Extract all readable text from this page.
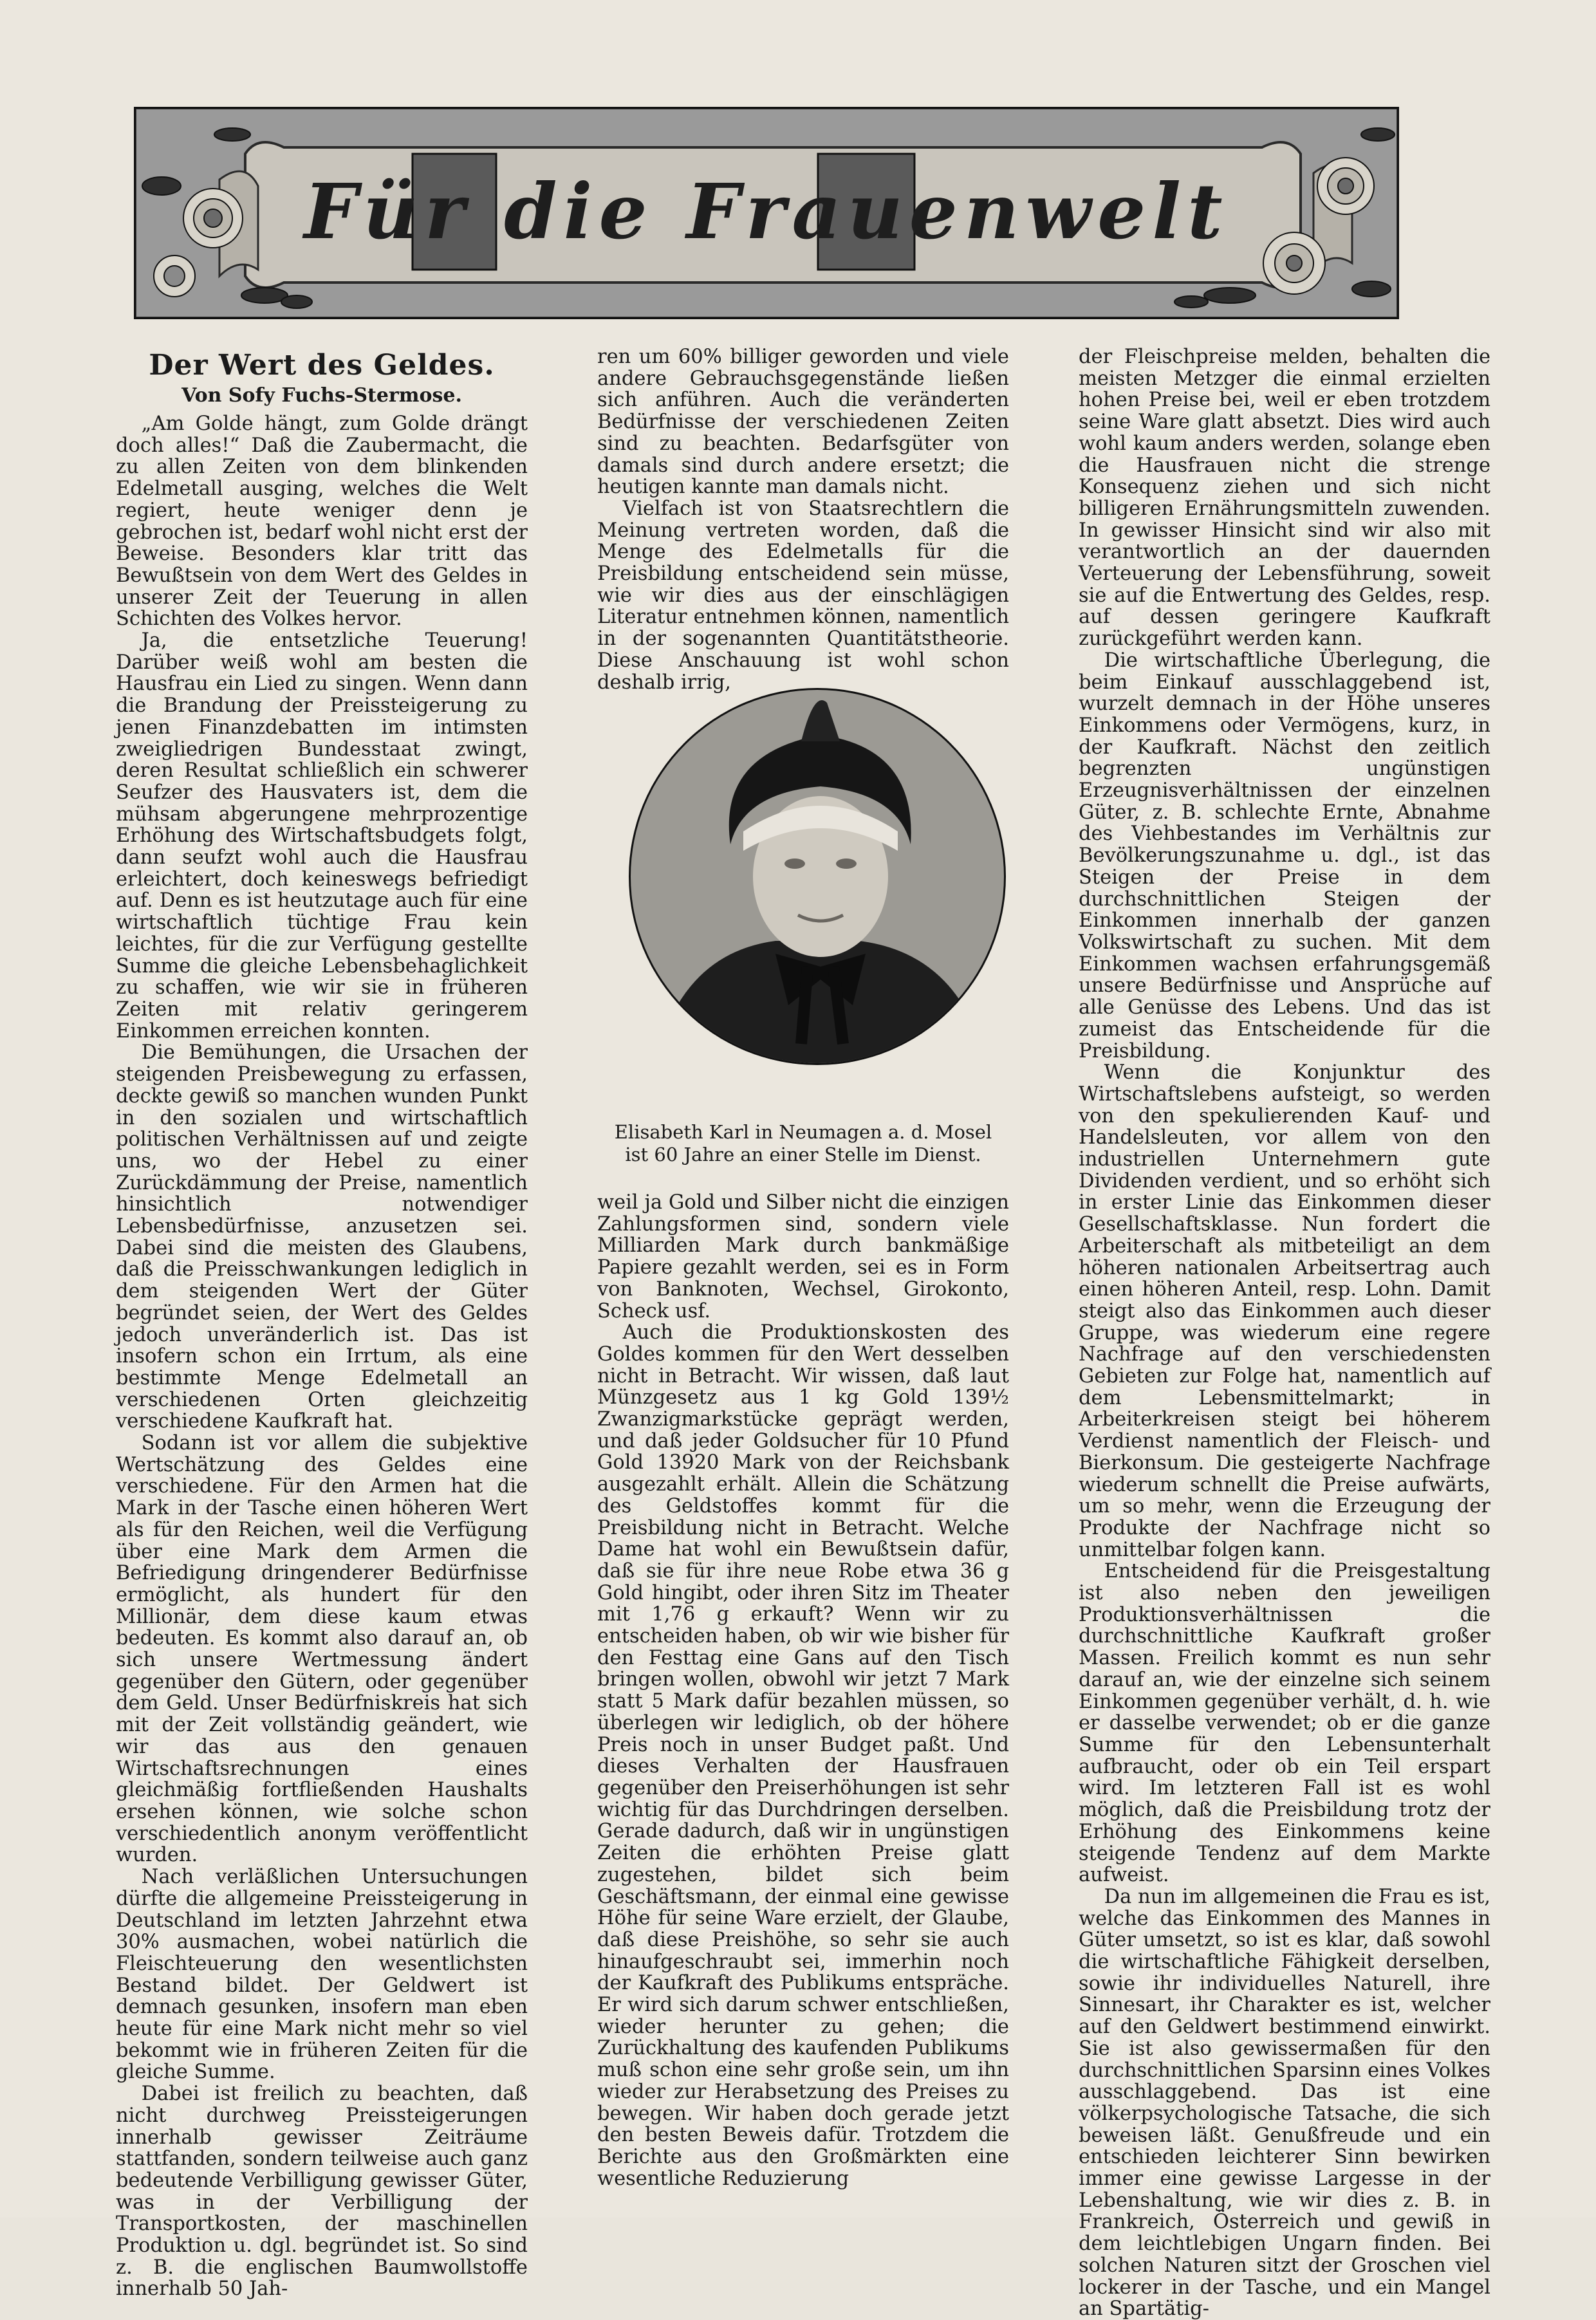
Für die Frauenwelt
Der Wert des Geldes.
Von Sofy Fuchs-Stermose.

„Am Golde hängt, zum Golde drängt doch alles!“ Daß die Zaubermacht, die zu allen Zeiten von dem blinkenden Edelmetall ausging, welches die Welt regiert, heute weniger denn je gebrochen ist, bedarf wohl nicht erst der Beweise. Besonders klar tritt das Bewußtsein von dem Wert des Geldes in unserer Zeit der Teuerung in allen Schichten des Volkes hervor.

Ja, die entsetzliche Teuerung! Darüber weiß wohl am besten die Hausfrau ein Lied zu singen. Wenn dann die Brandung der Preissteigerung zu jenen Finanzdebatten im intimsten zweigliedrigen Bundesstaat zwingt, deren Resultat schließlich ein schwerer Seufzer des Hausvaters ist, dem die mühsam abgerungene mehrprozentige Erhöhung des Wirtschaftsbudgets folgt, dann seufzt wohl auch die Hausfrau erleichtert, doch keineswegs befriedigt auf. Denn es ist heutzutage auch für eine wirtschaftlich tüchtige Frau kein leichtes, für die zur Verfügung gestellte Summe die gleiche Lebensbehaglichkeit zu schaffen, wie wir sie in früheren Zeiten mit relativ geringerem Einkommen erreichen konnten.

Die Bemühungen, die Ursachen der steigenden Preisbewegung zu erfassen, deckte gewiß so manchen wunden Punkt in den sozialen und wirtschaftlich politischen Verhältnissen auf und zeigte uns, wo der Hebel zu einer Zurückdämmung der Preise, namentlich hinsichtlich notwendiger Lebensbedürfnisse, anzusetzen sei. Dabei sind die meisten des Glaubens, daß die Preisschwankungen lediglich in dem steigenden Wert der Güter begründet seien, der Wert des Geldes jedoch unveränderlich ist. Das ist insofern schon ein Irrtum, als eine bestimmte Menge Edelmetall an verschiedenen Orten gleichzeitig verschiedene Kaufkraft hat.

Sodann ist vor allem die subjektive Wertschätzung des Geldes eine verschiedene. Für den Armen hat die Mark in der Tasche einen höheren Wert als für den Reichen, weil die Verfügung über eine Mark dem Armen die Befriedigung dringenderer Bedürfnisse ermöglicht, als hundert für den Millionär, dem diese kaum etwas bedeuten. Es kommt also darauf an, ob sich unsere Wertmessung ändert gegenüber den Gütern, oder gegenüber dem Geld. Unser Bedürfniskreis hat sich mit der Zeit vollständig geändert, wie wir das aus den genauen Wirtschaftsrechnungen eines gleichmäßig fortfließenden Haushalts ersehen können, wie solche schon verschiedentlich anonym veröffentlicht wurden.

Nach verläßlichen Untersuchungen dürfte die allgemeine Preissteigerung in Deutschland im letzten Jahrzehnt etwa 30% ausmachen, wobei natürlich die Fleischteuerung den wesentlichsten Bestand bildet. Der Geldwert ist demnach gesunken, insofern man eben heute für eine Mark nicht mehr so viel bekommt wie in früheren Zeiten für die gleiche Summe.

Dabei ist freilich zu beachten, daß nicht durchweg Preissteigerungen innerhalb gewisser Zeiträume stattfanden, sondern teilweise auch ganz bedeutende Verbilligung gewisser Güter, was in der Verbilligung der Transportkosten, der maschinellen Produktion u. dgl. begründet ist. So sind z. B. die englischen Baumwollstoffe innerhalb 50 Jah-

ren um 60% billiger geworden und viele andere Gebrauchsgegenstände ließen sich anführen. Auch die veränderten Bedürfnisse der verschiedenen Zeiten sind zu beachten. Bedarfsgüter von damals sind durch andere ersetzt; die heutigen kannte man damals nicht.

Vielfach ist von Staatsrechtlern die Meinung vertreten worden, daß die Menge des Edelmetalls für die Preisbildung entscheidend sein müsse, wie wir dies aus der einschlägigen Literatur entnehmen können, namentlich in der sogenannten Quantitätstheorie. Diese Anschauung ist wohl schon deshalb irrig,

Elisabeth Karl in Neumagen a. d. Mosel
ist 60 Jahre an einer Stelle im Dienst.

weil ja Gold und Silber nicht die einzigen Zahlungsformen sind, sondern viele Milliarden Mark durch bankmäßige Papiere gezahlt werden, sei es in Form von Banknoten, Wechsel, Girokonto, Scheck usf.

Auch die Produktionskosten des Goldes kommen für den Wert desselben nicht in Betracht. Wir wissen, daß laut Münzgesetz aus 1 kg Gold 139½ Zwanzigmarkstücke geprägt werden, und daß jeder Goldsucher für 10 Pfund Gold 13920 Mark von der Reichsbank ausgezahlt erhält. Allein die Schätzung des Geldstoffes kommt für die Preisbildung nicht in Betracht. Welche Dame hat wohl ein Bewußtsein dafür, daß sie für ihre neue Robe etwa 36 g Gold hingibt, oder ihren Sitz im Theater mit 1,76 g erkauft? Wenn wir zu entscheiden haben, ob wir wie bisher für den Festtag eine Gans auf den Tisch bringen wollen, obwohl wir jetzt 7 Mark statt 5 Mark dafür bezahlen müssen, so überlegen wir lediglich, ob der höhere Preis noch in unser Budget paßt. Und dieses Verhalten der Hausfrauen gegenüber den Preiserhöhungen ist sehr wichtig für das Durchdringen derselben. Gerade dadurch, daß wir in ungünstigen Zeiten die erhöhten Preise glatt zugestehen, bildet sich beim Geschäftsmann, der einmal eine gewisse Höhe für seine Ware erzielt, der Glaube, daß diese Preishöhe, so sehr sie auch hinaufgeschraubt sei, immerhin noch der Kaufkraft des Publikums entspräche. Er wird sich darum schwer entschließen, wieder herunter zu gehen; die Zurückhaltung des kaufenden Publikums muß schon eine sehr große sein, um ihn wieder zur Herabsetzung des Preises zu bewegen. Wir haben doch gerade jetzt den besten Beweis dafür. Trotzdem die Berichte aus den Großmärkten eine wesentliche Reduzierung

der Fleischpreise melden, behalten die meisten Metzger die einmal erzielten hohen Preise bei, weil er eben trotzdem seine Ware glatt absetzt. Dies wird auch wohl kaum anders werden, solange eben die Hausfrauen nicht die strenge Konsequenz ziehen und sich nicht billigeren Ernährungsmitteln zuwenden. In gewisser Hinsicht sind wir also mit verantwortlich an der dauernden Verteuerung der Lebensführung, soweit sie auf die Entwertung des Geldes, resp. auf dessen geringere Kaufkraft zurückgeführt werden kann.

Die wirtschaftliche Überlegung, die beim Einkauf ausschlaggebend ist, wurzelt demnach in der Höhe unseres Einkommens oder Vermögens, kurz, in der Kaufkraft. Nächst den zeitlich begrenzten ungünstigen Erzeugnisverhältnissen der einzelnen Güter, z. B. schlechte Ernte, Abnahme des Viehbestandes im Verhältnis zur Bevölkerungszunahme u. dgl., ist das Steigen der Preise in dem durchschnittlichen Steigen der Einkommen innerhalb der ganzen Volkswirtschaft zu suchen. Mit dem Einkommen wachsen erfahrungsgemäß unsere Bedürfnisse und Ansprüche auf alle Genüsse des Lebens. Und das ist zumeist das Entscheidende für die Preisbildung.

Wenn die Konjunktur des Wirtschaftslebens aufsteigt, so werden von den spekulierenden Kauf- und Handelsleuten, vor allem von den industriellen Unternehmern gute Dividenden verdient, und so erhöht sich in erster Linie das Einkommen dieser Gesellschaftsklasse. Nun fordert die Arbeiterschaft als mitbeteiligt an dem höheren nationalen Arbeitsertrag auch einen höheren Anteil, resp. Lohn. Damit steigt also das Einkommen auch dieser Gruppe, was wiederum eine regere Nachfrage auf den verschiedensten Gebieten zur Folge hat, namentlich auf dem Lebensmittelmarkt; in Arbeiterkreisen steigt bei höherem Verdienst namentlich der Fleisch- und Bierkonsum. Die gesteigerte Nachfrage wiederum schnellt die Preise aufwärts, um so mehr, wenn die Erzeugung der Produkte der Nachfrage nicht so unmittelbar folgen kann.

Entscheidend für die Preisgestaltung ist also neben den jeweiligen Produktionsverhältnissen die durchschnittliche Kaufkraft großer Massen. Freilich kommt es nun sehr darauf an, wie der einzelne sich seinem Einkommen gegenüber verhält, d. h. wie er dasselbe verwendet; ob er die ganze Summe für den Lebensunterhalt aufbraucht, oder ob ein Teil erspart wird. Im letzteren Fall ist es wohl möglich, daß die Preisbildung trotz der Erhöhung des Einkommens keine steigende Tendenz auf dem Markte aufweist.

Da nun im allgemeinen die Frau es ist, welche das Einkommen des Mannes in Güter umsetzt, so ist es klar, daß sowohl die wirtschaftliche Fähigkeit derselben, sowie ihr individuelles Naturell, ihre Sinnesart, ihr Charakter es ist, welcher auf den Geldwert bestimmend einwirkt. Sie ist also gewissermaßen für den durchschnittlichen Sparsinn eines Volkes ausschlaggebend. Das ist eine völkerpsychologische Tatsache, die sich beweisen läßt. Genußfreude und ein entschieden leichterer Sinn bewirken immer eine gewisse Largesse in der Lebenshaltung, wie wir dies z. B. in Frankreich, Österreich und gewiß in dem leichtlebigen Ungarn finden. Bei solchen Naturen sitzt der Groschen viel lockerer in der Tasche, und ein Mangel an Spartätig-
